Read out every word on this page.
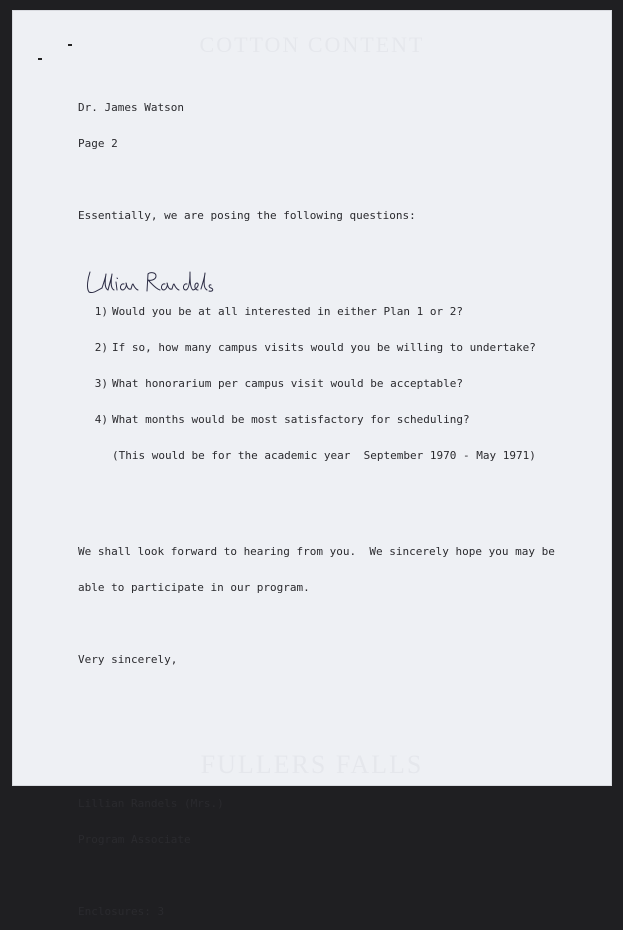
Dr. James Watson

Page 2

Essentially, we are posing the following questions:

1) Would you be at all interested in either Plan 1 or 2?

2) If so, how many campus visits would you be willing to undertake?

3) What honorarium per campus visit would be acceptable?

4) What months would be most satisfactory for scheduling?

(This would be for the academic year  September 1970 - May 1971)

We shall look forward to hearing from you.  We sincerely hope you may be

able to participate in our program.

Very sincerely,

Lillian Randels (Mrs.)

Program Associate

Enclosures: 3
